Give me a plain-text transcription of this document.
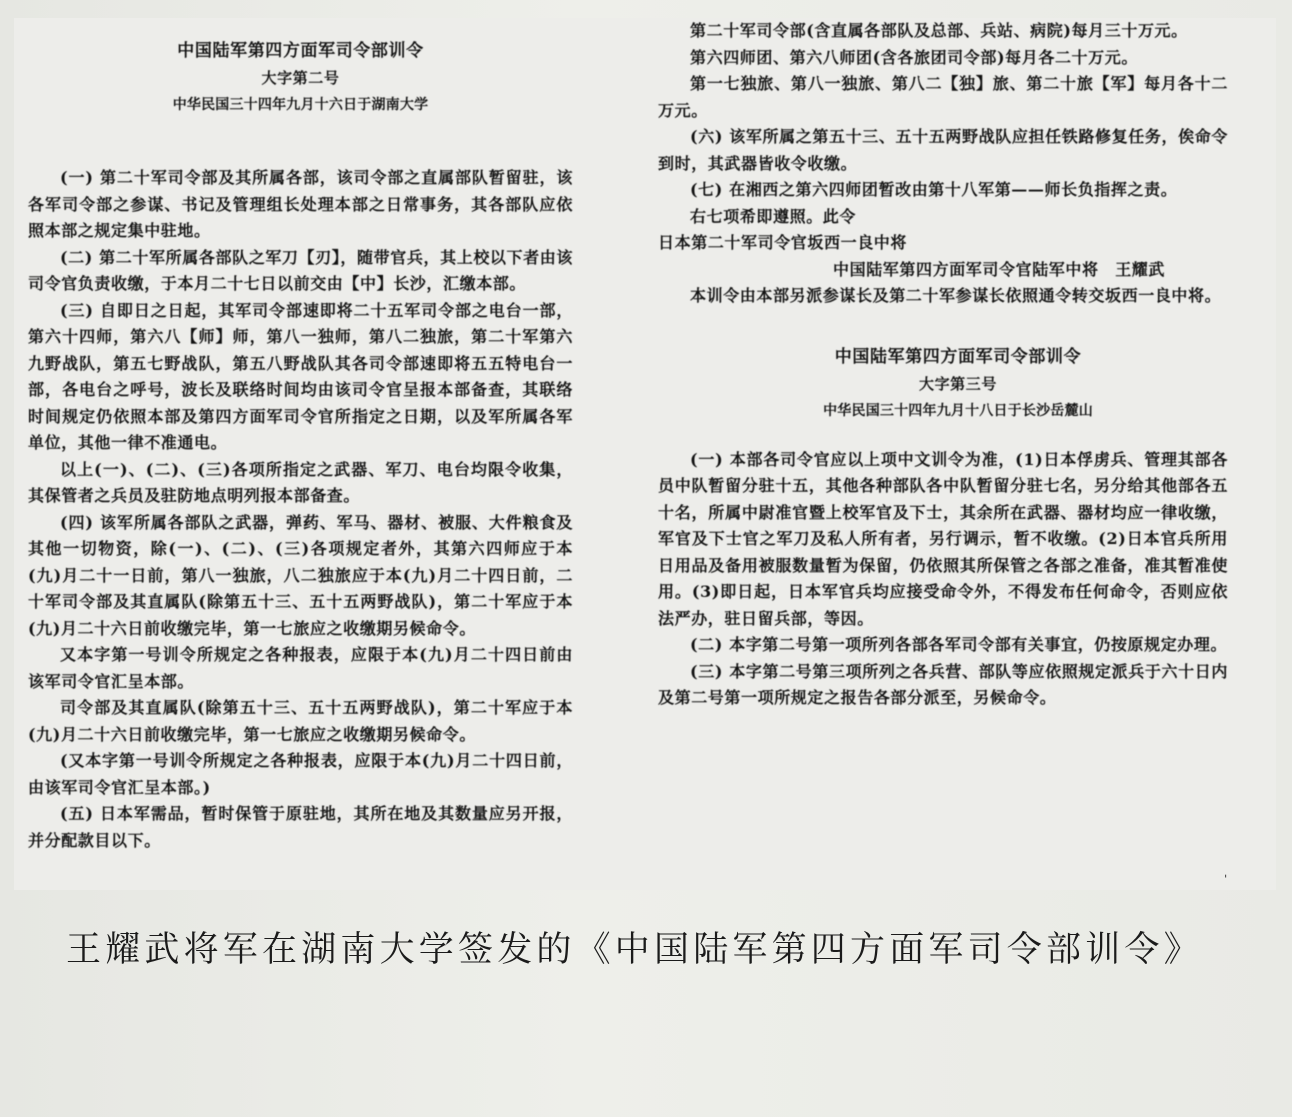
中国陆军第四方面军司令部训令
大字第二号
中华民国三十四年九月十六日于湖南大学

(一) 第二十军司令部及其所属各部，该司令部之直属部队暂留驻，该各军司令部之参谋、书记及管理组长处理本部之日常事务，其各部队应依照本部之规定集中驻地。

(二) 第二十军所属各部队之军刀【刃】，随带官兵，其上校以下者由该司令官负责收缴，于本月二十七日以前交由【中】长沙，汇缴本部。

(三) 自即日之日起，其军司令部速即将二十五军司令部之电台一部，第六十四师，第六八【师】师，第八一独师，第八二独旅，第二十军第六九野战队，第五七野战队，第五八野战队其各司令部速即将五五特电台一部，各电台之呼号，波长及联络时间均由该司令官呈报本部备查，其联络时间规定仍依照本部及第四方面军司令官所指定之日期，以及军所属各军单位，其他一律不准通电。

以上(一)、(二)、(三)各项所指定之武器、军刀、电台均限令收集，其保管者之兵员及驻防地点明列报本部备查。

(四) 该军所属各部队之武器，弹药、军马、器材、被服、大件粮食及其他一切物资，除(一)、(二)、(三)各项规定者外，其第六四师应于本(九)月二十一日前，第八一独旅，八二独旅应于本(九)月二十四日前，二十军司令部及其直属队(除第五十三、五十五两野战队)，第二十军应于本(九)月二十六日前收缴完毕，第一七旅应之收缴期另候命令。

又本字第一号训令所规定之各种报表，应限于本(九)月二十四日前由该军司令官汇呈本部。

司令部及其直属队(除第五十三、五十五两野战队)，第二十军应于本(九)月二十六日前收缴完毕，第一七旅应之收缴期另候命令。

(又本字第一号训令所规定之各种报表，应限于本(九)月二十四日前，由该军司令官汇呈本部。)

(五) 日本军需品，暂时保管于原驻地，其所在地及其数量应另开报，并分配款目以下。

第二十军司令部(含直属各部队及总部、兵站、病院)每月三十万元。

第六四师团、第六八师团(含各旅团司令部)每月各二十万元。

第一七独旅、第八一独旅、第八二【独】旅、第二十旅【军】每月各十二万元。

(六) 该军所属之第五十三、五十五两野战队应担任铁路修复任务，俟命令到时，其武器皆收令收缴。

(七) 在湘西之第六四师团暂改由第十八军第——师长负指挥之责。

右七项希即遵照。此令

日本第二十军司令官坂西一良中将

中国陆军第四方面军司令官陆军中将　王耀武

本训令由本部另派参谋长及第二十军参谋长依照通令转交坂西一良中将。

中国陆军第四方面军司令部训令
大字第三号
中华民国三十四年九月十八日于长沙岳麓山

(一) 本部各司令官应以上项中文训令为准，(1)日本俘虏兵、管理其部各员中队暂留分驻十五，其他各种部队各中队暂留分驻七名，另分给其他部各五十名，所属中尉准官暨上校军官及下士，其余所在武器、器材均应一律收缴，军官及下士官之军刀及私人所有者，另行调示，暂不收缴。(2)日本官兵所用日用品及备用被服数量暂为保留，仍依照其所保管之各部之准备，准其暂准使用。(3)即日起，日本军官兵均应接受命令外，不得发布任何命令，否则应依法严办，驻日留兵部，等因。

(二) 本字第二号第一项所列各部各军司令部有关事宜，仍按原规定办理。

(三) 本字第二号第三项所列之各兵营、部队等应依照规定派兵于六十日内及第二号第一项所规定之报告各部分派至，另候命令。

ˈ
王耀武将军在湖南大学签发的《中国陆军第四方面军司令部训令》
